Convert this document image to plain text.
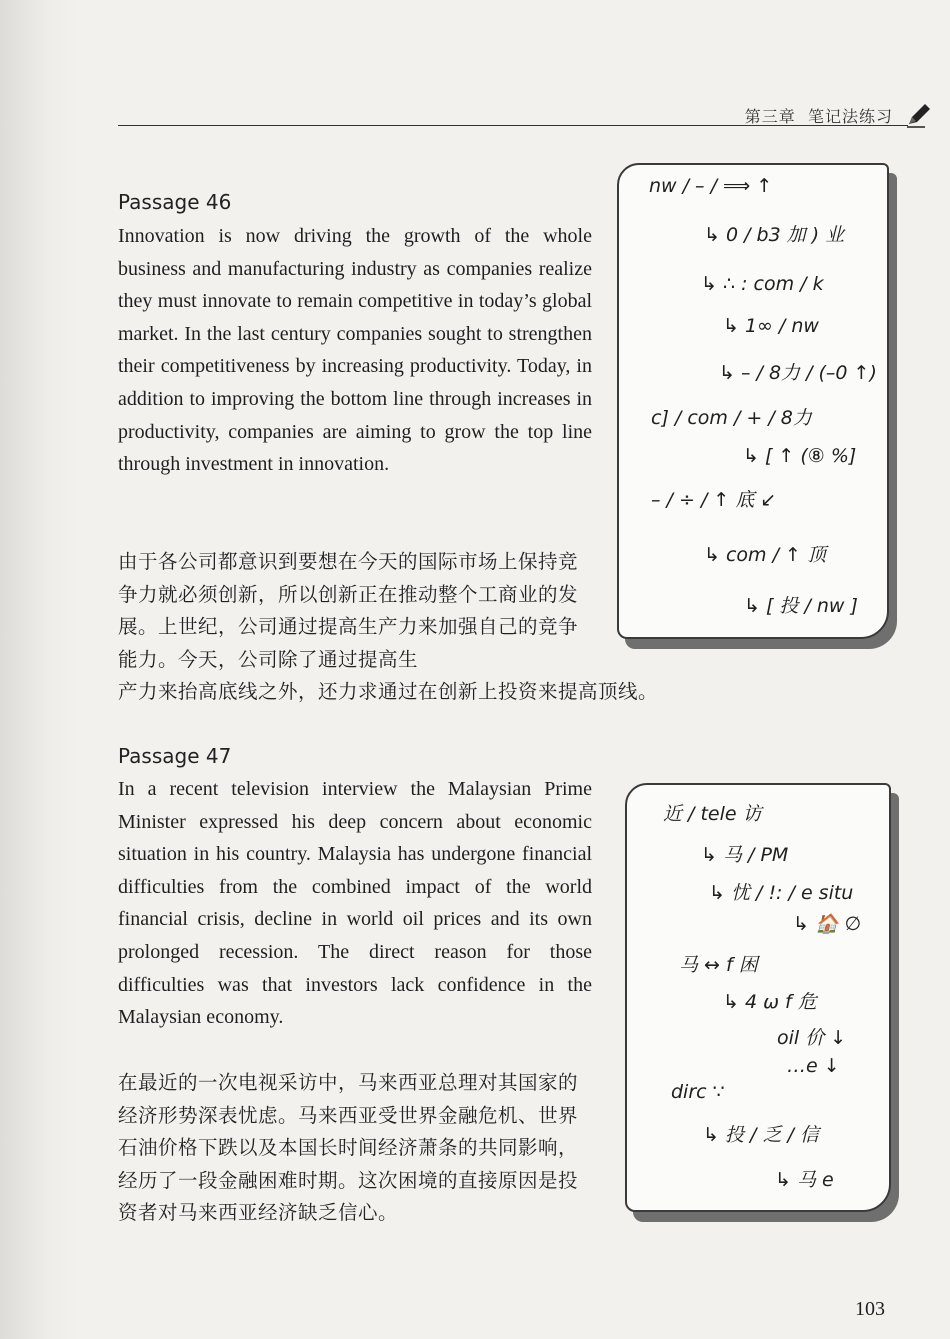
第三章 笔记法练习
Passage 46

Innovation is now driving the growth of the whole business and manufacturing industry as companies realize they must innovate to remain competitive in today’s global market. In the last century companies sought to strengthen their competitiveness by increasing productivity. Today, in addition to improving the bottom line through increases in productivity, companies are aiming to grow the top line through investment in innovation.

由于各公司都意识到要想在今天的国际市场上保持竞争力就必须创新，所以创新正在推动整个工商业的发展。上世纪，公司通过提高生产力来加强自己的竞争能力。今天，公司除了通过提高生
产力来抬高底线之外，还力求通过在创新上投资来提高顶线。

nw / – / ⟹ ↑
↳ 0 / b3 加 ) 业
↳ ∴ : com / k
↳ 1∞ / nw
↳ – / 8力 / (–0 ↑)
c] / com / + / 8力
↳ [ ↑ (⑧ %]
– / ÷ / ↑ 底 ↙
↳ com / ↑ 顶
↳ [ 投 / nw ]
Passage 47

In a recent television interview the Malaysian Prime Minister expressed his deep concern about economic situation in his country. Malaysia has undergone financial difficulties from the combined impact of the world financial crisis, decline in world oil prices and its own prolonged recession. The direct reason for those difficulties was that investors lack confidence in the Malaysian economy.

在最近的一次电视采访中，马来西亚总理对其国家的经济形势深表忧虑。马来西亚受世界金融危机、世界石油价格下跌以及本国长时间经济萧条的共同影响，经历了一段金融困难时期。这次困境的直接原因是投资者对马来西亚经济缺乏信心。

近 / tele 访
↳ 马 / PM
↳ 忧 / !: / e situ
↳ 🏠 ∅
马 ↔ f 困
↳ 4 ω f 危
oil 价 ↓
…e ↓
dirc ∵
↳ 投 / 乏 / 信
↳ 马 e
103
